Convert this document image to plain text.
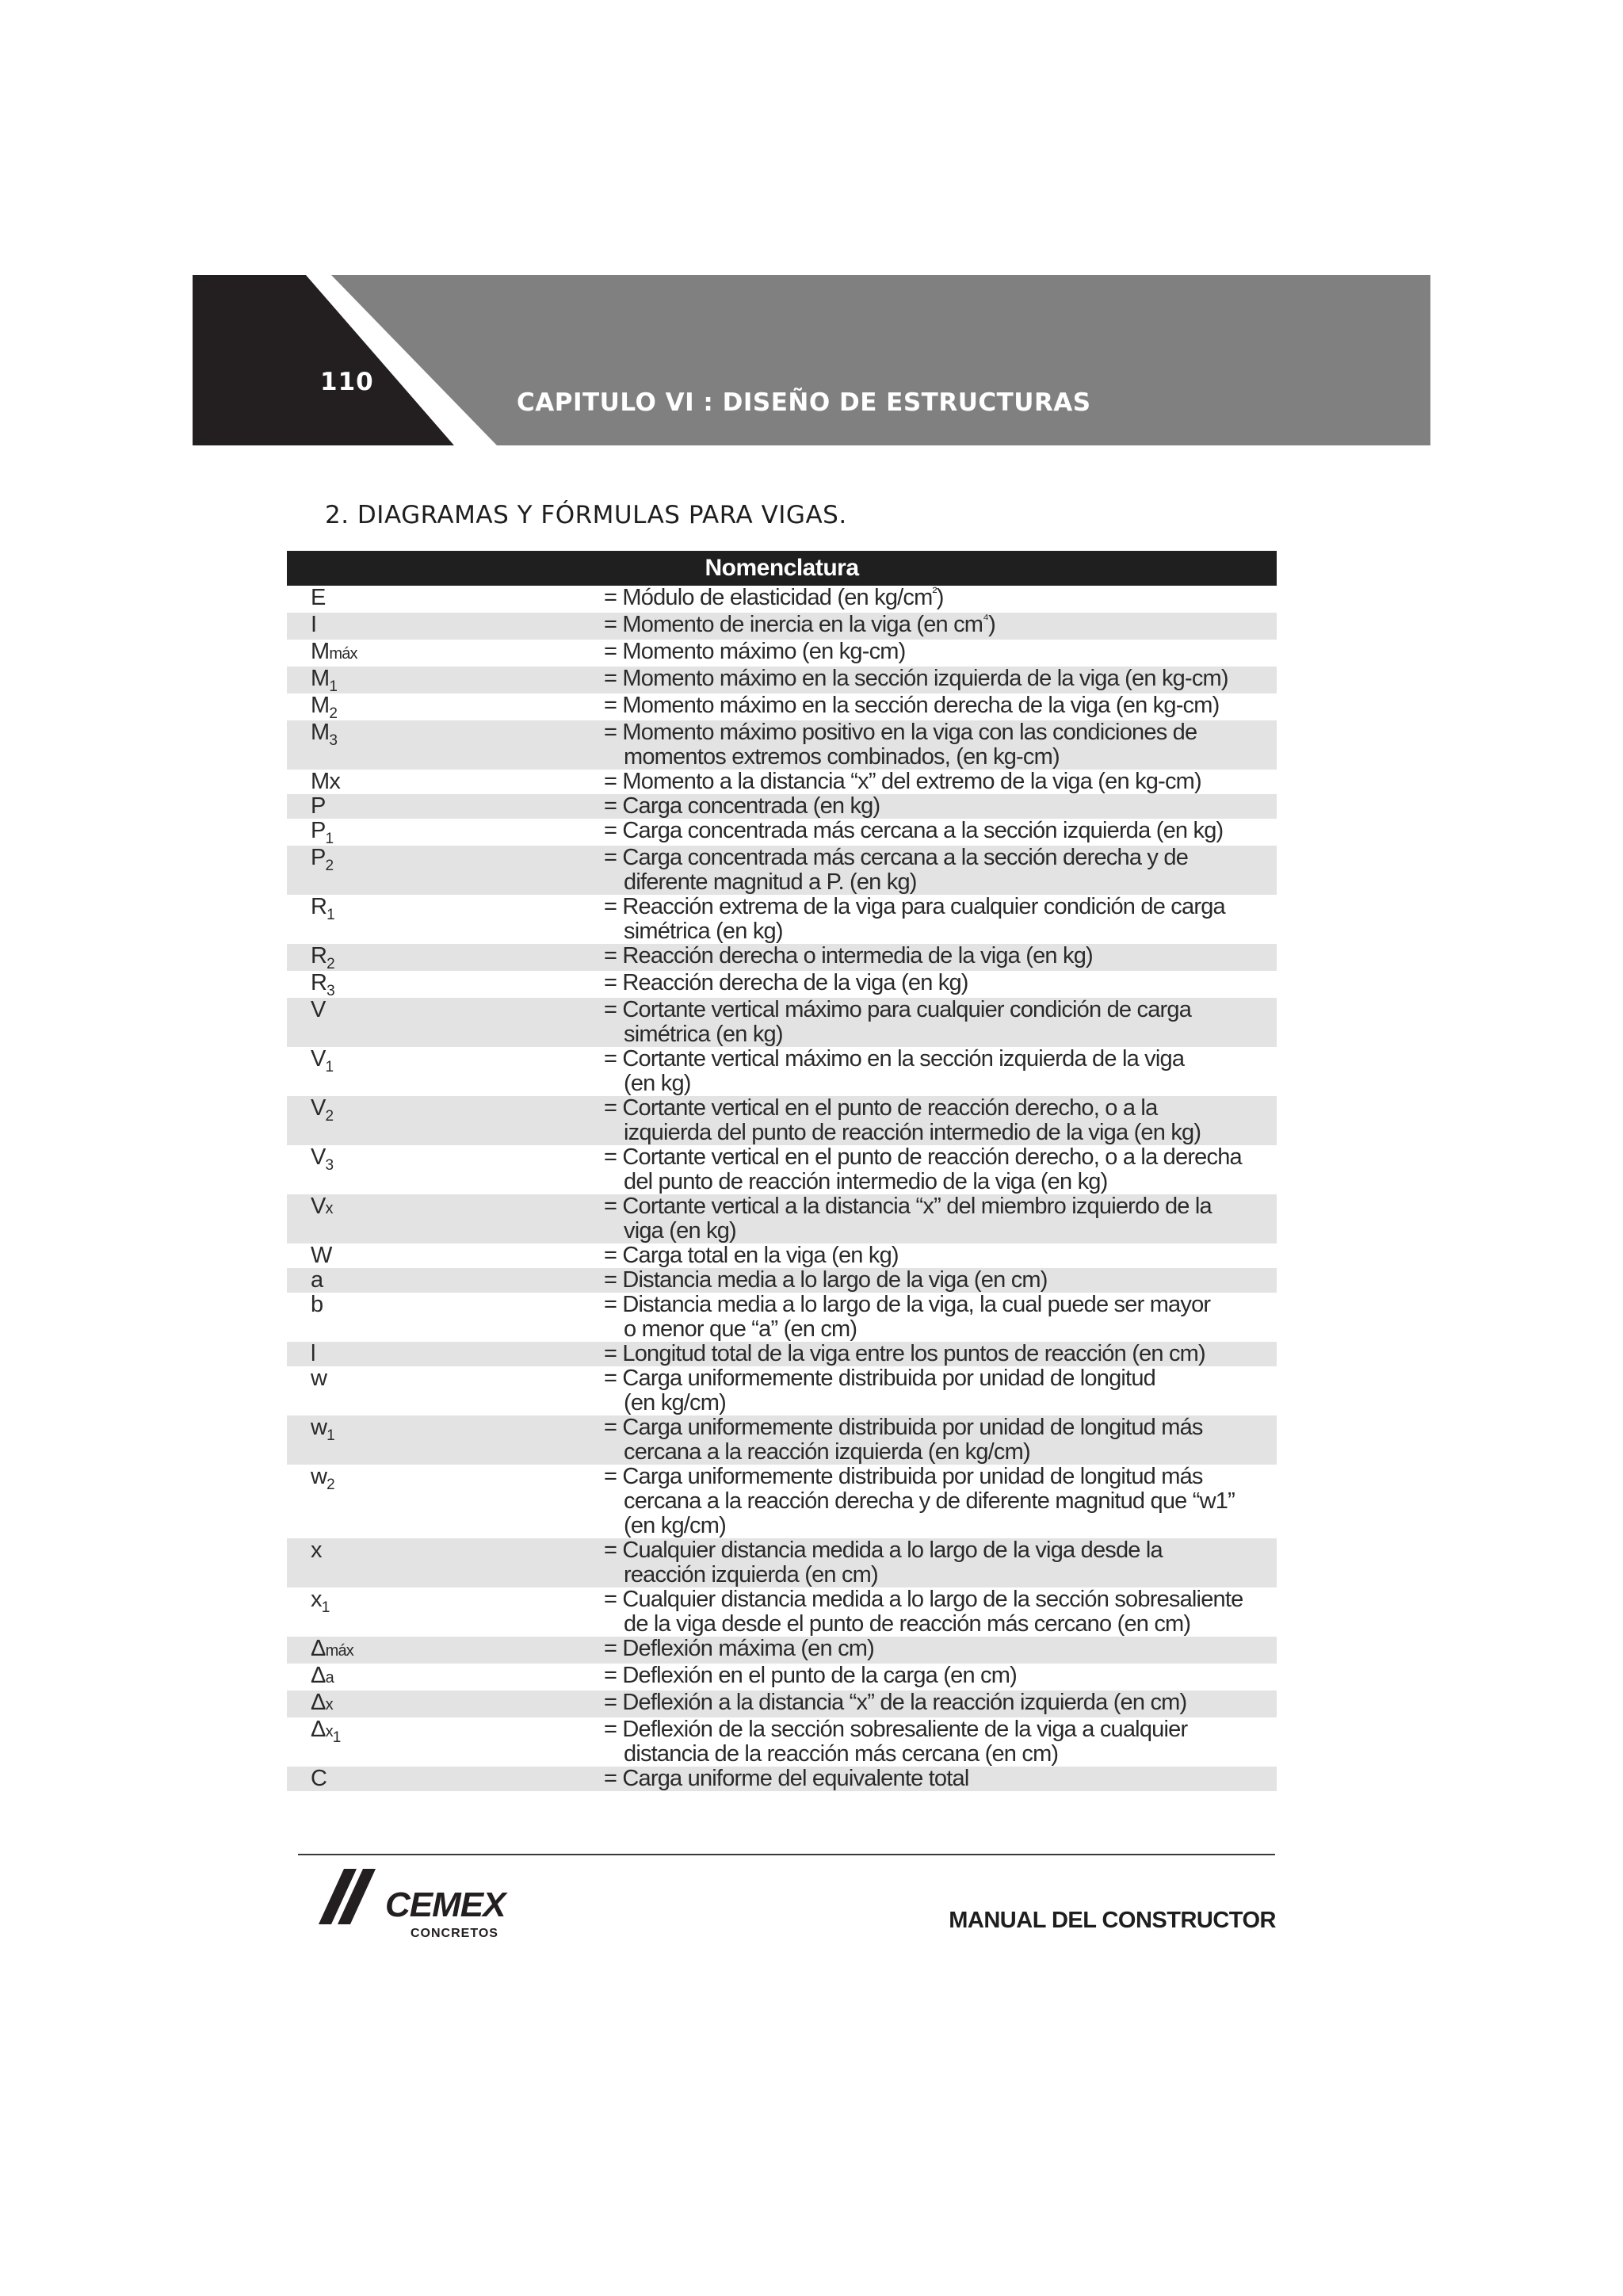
110
CAPITULO VI : DISEÑO DE ESTRUCTURAS
2. DIAGRAMAS Y FÓRMULAS PARA VIGAS.
Nomenclatura
E	= Módulo de elasticidad (en $kg/cm^{^2}$)
I	= Momento de inercia en la viga (en $cm^{^4}$)
Mmáx	= Momento máximo (en kg-cm)
$M_1$	= Momento máximo en la sección izquierda de la viga (en kg-cm)
$M_2$	= Momento máximo en la sección derecha de la viga (en kg-cm)
$M_3$	= Momento máximo positivo en la viga con las condiciones de
momentos extremos combinados, (en kg-cm)
Mx	= Momento a la distancia “x” del extremo de la viga (en kg-cm)
P	= Carga concentrada (en kg)
$P_1$	= Carga concentrada más cercana a la sección izquierda (en kg)
$P_2$	= Carga concentrada más cercana a la sección derecha y de
diferente magnitud a P. (en kg)
$R_1$	= Reacción extrema de la viga para cualquier condición de carga
simétrica (en kg)
$R_2$	= Reacción derecha o intermedia de la viga (en kg)
$R_3$	= Reacción derecha de la viga (en kg)
V	= Cortante vertical máximo para cualquier condición de carga
simétrica (en kg)
$V_1$	= Cortante vertical máximo en la sección izquierda de la viga
(en kg)
$V_2$	= Cortante vertical en el punto de reacción derecho, o a la
izquierda del punto de reacción intermedio de la viga (en kg)
$V_3$	= Cortante vertical en el punto de reacción derecho, o a la derecha
del punto de reacción intermedio de la viga (en kg)
Vx	= Cortante vertical a la distancia “x” del miembro izquierdo de la
viga (en kg)
W	= Carga total en la viga (en kg)
a	= Distancia media a lo largo de la viga (en cm)
b	= Distancia media a lo largo de la viga, la cual puede ser mayor
o menor que “a” (en cm)
l	= Longitud total de la viga entre los puntos de reacción (en cm)
w	= Carga uniformemente distribuida por unidad de longitud
(en kg/cm)
$w_1$	= Carga uniformemente distribuida por unidad de longitud más
cercana a la reacción izquierda (en kg/cm)
$w_2$	= Carga uniformemente distribuida por unidad de longitud más
cercana a la reacción derecha y de diferente magnitud que “w1”
(en kg/cm)
x	= Cualquier distancia medida a lo largo de la viga desde la
reacción izquierda (en cm)
$x_1$	= Cualquier distancia medida a lo largo de la sección sobresaliente
de la viga desde el punto de reacción más cercano (en cm)
Δmáx	= Deflexión máxima (en cm)
Δa	= Deflexión en el punto de la carga (en cm)
Δx	= Deflexión a la distancia “x” de la reacción izquierda (en cm)
$\Delta x_1$	= Deflexión de la sección sobresaliente de la viga a cualquier
distancia de la reacción más cercana (en cm)
C	= Carga uniforme del equivalente total
CEMEX
CONCRETOS
MANUAL DEL CONSTRUCTOR
